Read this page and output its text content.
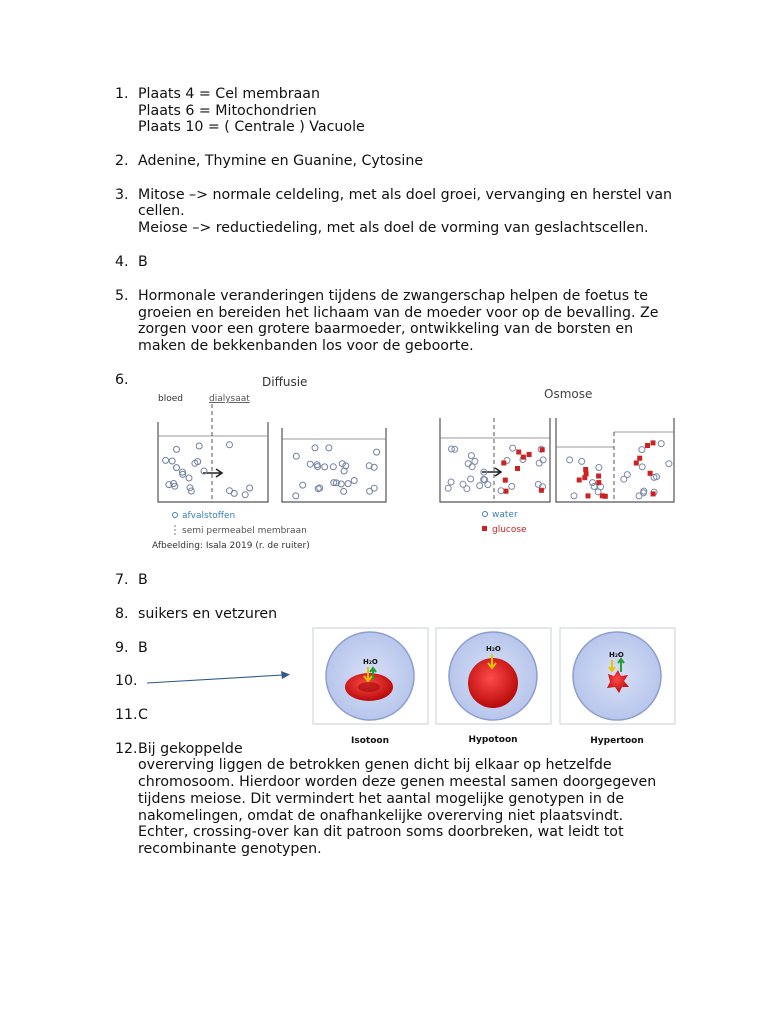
1. Plaats 4 = Cel membraan
Plaats 6 = Mitochondrien
Plaats 10 = ( Centrale ) Vacuole
2. Adenine, Thymine en Guanine, Cytosine
3. Mitose –> normale celdeling, met als doel groei, vervanging en herstel van
cellen.
Meiose –> reductiedeling, met als doel de vorming van geslachtscellen.
4. B
5. Hormonale veranderingen tijdens de zwangerschap helpen de foetus te
groeien en bereiden het lichaam van de moeder voor op de bevalling. Ze
zorgen voor een grotere baarmoeder, ontwikkeling van de borsten en
maken de bekkenbanden los voor de geboorte.
6.	Diffusie
bloed	dialysaat
afvalstoffen
semi permeabel membraan
Afbeelding: Isala 2019 (r. de ruiter)
Osmose
water
glucose
7. B
8. suikers en vetzuren
9. B
10.
11. C
H₂O
H₂O
H₂O
Isotoon	Hypotoon	Hypertoon
12. Bij gekoppelde
overerving liggen de betrokken genen dicht bij elkaar op hetzelfde
chromosoom. Hierdoor worden deze genen meestal samen doorgegeven
tijdens meiose. Dit vermindert het aantal mogelijke genotypen in de
nakomelingen, omdat de onafhankelijke overerving niet plaatsvindt.
Echter, crossing-over kan dit patroon soms doorbreken, wat leidt tot
recombinante genotypen.
